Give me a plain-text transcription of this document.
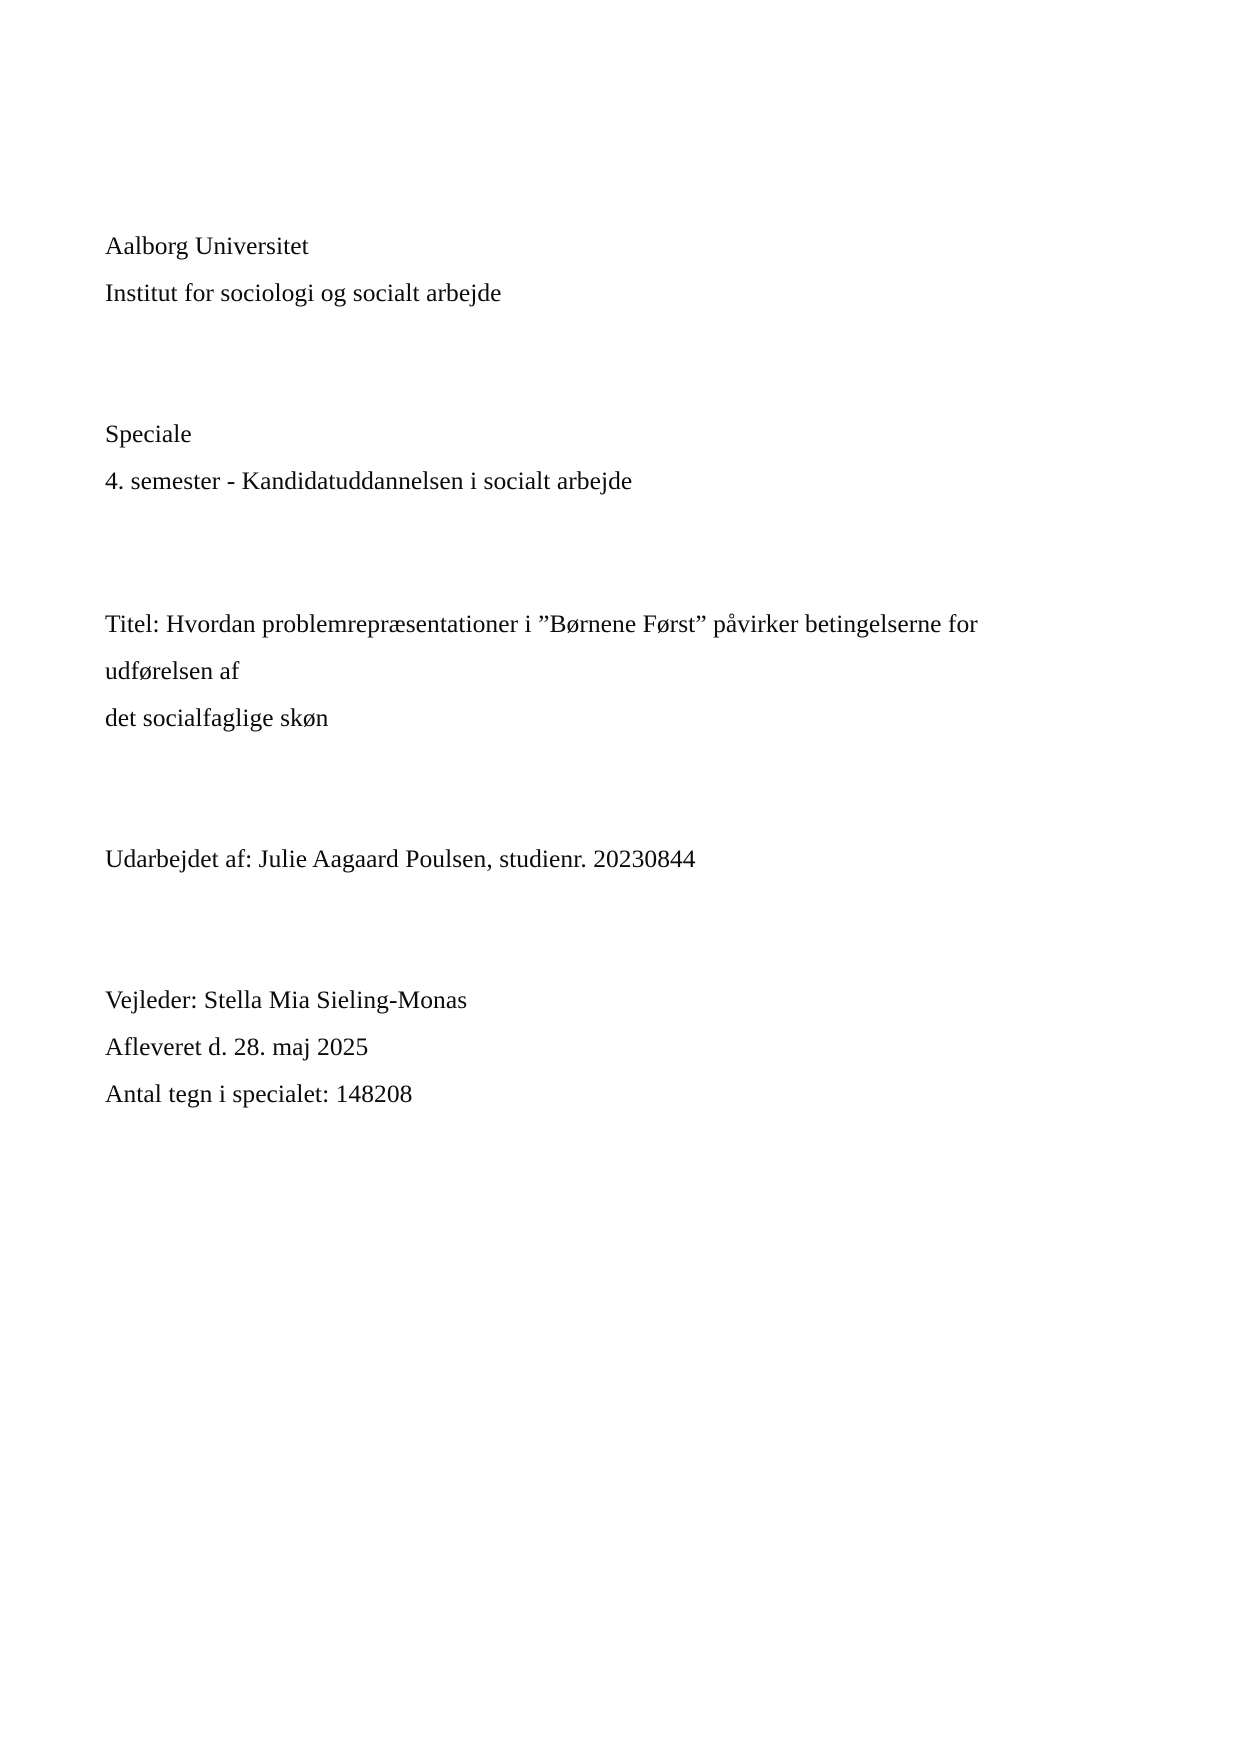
Aalborg Universitet

Institut for sociologi og socialt arbejde

Speciale

4. semester - Kandidatuddannelsen i socialt arbejde

Titel: Hvordan problemrepræsentationer i ”Børnene Først” påvirker betingelserne for udførelsen af

det socialfaglige skøn

Udarbejdet af: Julie Aagaard Poulsen, studienr. 20230844

Vejleder: Stella Mia Sieling-Monas

Afleveret d. 28. maj 2025

Antal tegn i specialet: 148208
